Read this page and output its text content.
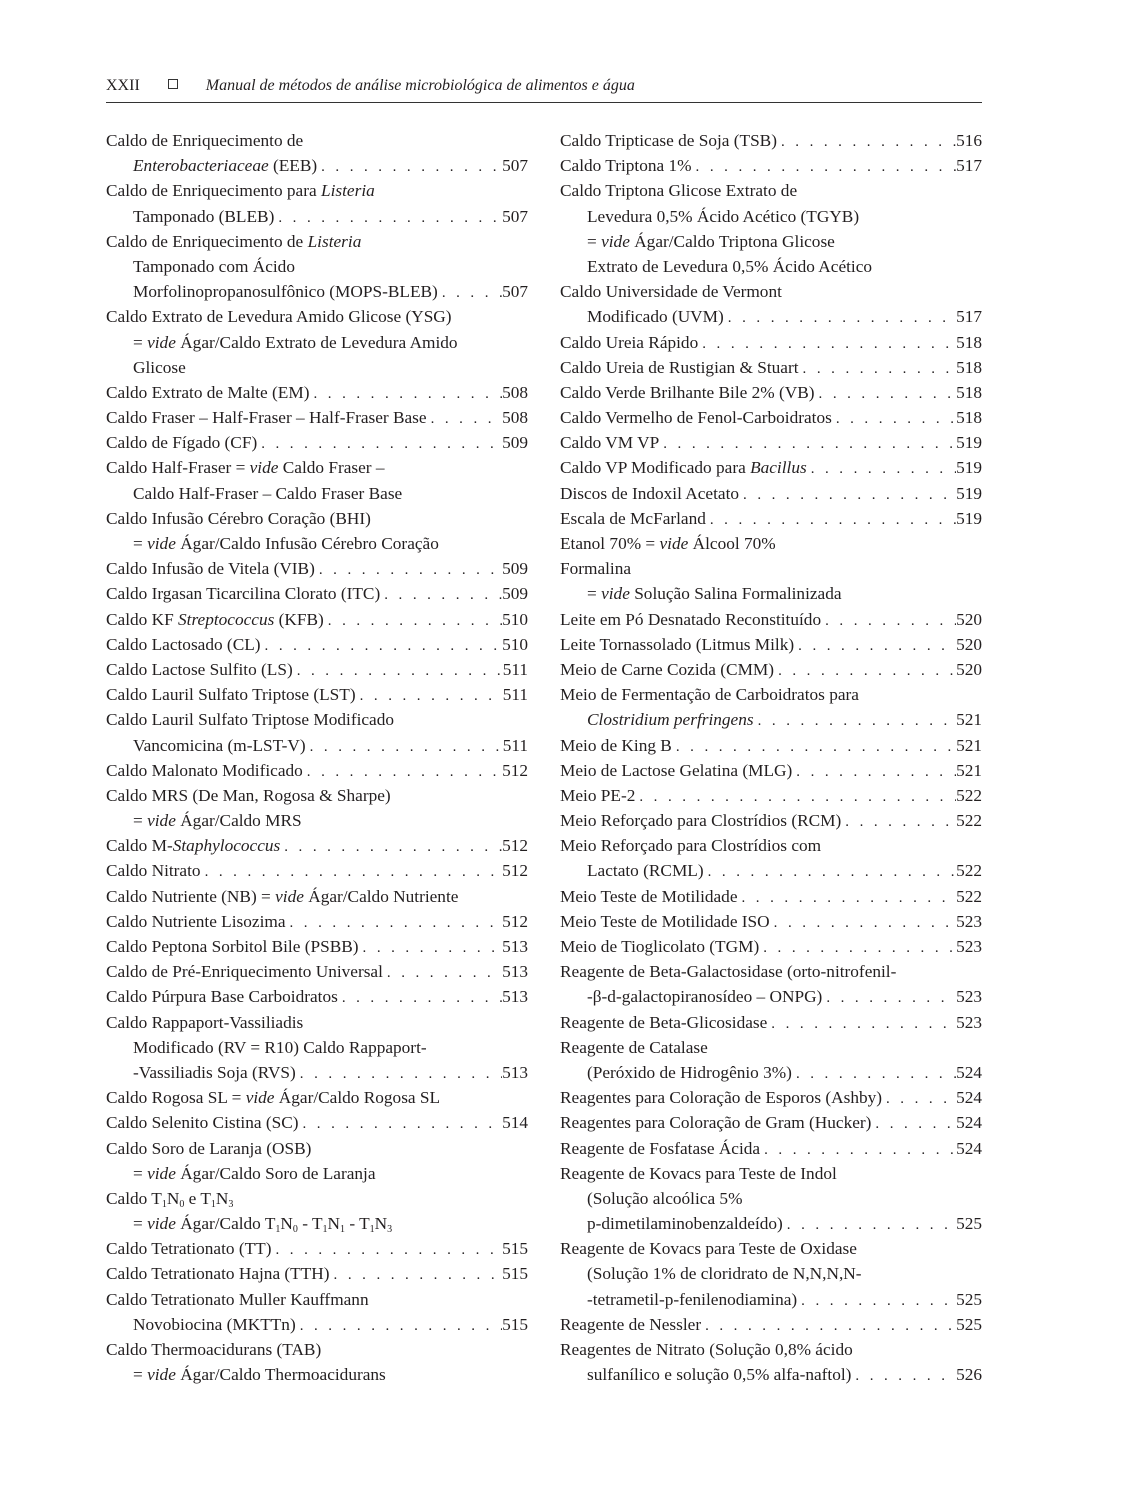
XXII	Manual de métodos de análise microbiológica de alimentos e água
Caldo de Enriquecimento de
Enterobacteriaceae (EEB) . . .	507
Caldo de Enriquecimento para Listeria
Tamponado (BLEB) . . .	507
Caldo de Enriquecimento de Listeria
Tamponado com Ácido
Morfolinopropanosulfônico (MOPS-BLEB) . . .	507
Caldo Extrato de Levedura Amido Glicose (YSG)
= vide Ágar/Caldo Extrato de Levedura Amido
Glicose
Caldo Extrato de Malte (EM) . . .	508
Caldo Fraser – Half-Fraser – Half-Fraser Base . . .	508
Caldo de Fígado (CF) . . .	509
Caldo Half-Fraser = vide Caldo Fraser –
Caldo Half-Fraser – Caldo Fraser Base
Caldo Infusão Cérebro Coração (BHI)
= vide Ágar/Caldo Infusão Cérebro Coração
Caldo Infusão de Vitela (VIB) . . .	509
Caldo Irgasan Ticarcilina Clorato (ITC) . . .	509
Caldo KF Streptococcus (KFB) . . .	510
Caldo Lactosado (CL) . . .	510
Caldo Lactose Sulfito (LS) . . .	511
Caldo Lauril Sulfato Triptose (LST) . . .	511
Caldo Lauril Sulfato Triptose Modificado
Vancomicina (m-LST-V) . . .	511
Caldo Malonato Modificado . . .	512
Caldo MRS (De Man, Rogosa & Sharpe)
= vide Ágar/Caldo MRS
Caldo M-Staphylococcus . . .	512
Caldo Nitrato . . .	512
Caldo Nutriente (NB) = vide Ágar/Caldo Nutriente
Caldo Nutriente Lisozima . . .	512
Caldo Peptona Sorbitol Bile (PSBB) . . .	513
Caldo de Pré-Enriquecimento Universal . . .	513
Caldo Púrpura Base Carboidratos . . .	513
Caldo Rappaport-Vassiliadis
Modificado (RV = R10) Caldo Rappaport-
-Vassiliadis Soja (RVS) . . .	513
Caldo Rogosa SL = vide Ágar/Caldo Rogosa SL
Caldo Selenito Cistina (SC) . . .	514
Caldo Soro de Laranja (OSB)
= vide Ágar/Caldo Soro de Laranja
Caldo $T_1N_0$ e $T_1N_3$
= vide Ágar/Caldo $T_1N_0 - T_1N_1 - T_1N_3$
Caldo Tetrationato (TT) . . .	515
Caldo Tetrationato Hajna (TTH) . . .	515
Caldo Tetrationato Muller Kauffmann
Novobiocina (MKTTn) . . .	515
Caldo Thermoacidurans (TAB)
= vide Ágar/Caldo Thermoacidurans
Caldo Tripticase de Soja (TSB) . . .	516
Caldo Triptona 1% . . .	517
Caldo Triptona Glicose Extrato de
Levedura 0,5% Ácido Acético (TGYB)
= vide Ágar/Caldo Triptona Glicose
Extrato de Levedura 0,5% Ácido Acético
Caldo Universidade de Vermont
Modificado (UVM) . . .	517
Caldo Ureia Rápido . . .	518
Caldo Ureia de Rustigian & Stuart . . .	518
Caldo Verde Brilhante Bile 2% (VB) . . .	518
Caldo Vermelho de Fenol-Carboidratos . . .	518
Caldo VM VP . . .	519
Caldo VP Modificado para Bacillus . . .	519
Discos de Indoxil Acetato . . .	519
Escala de McFarland . . .	519
Etanol 70% = vide Álcool 70%
Formalina
= vide Solução Salina Formalinizada
Leite em Pó Desnatado Reconstituído . . .	520
Leite Tornassolado (Litmus Milk) . . .	520
Meio de Carne Cozida (CMM) . . .	520
Meio de Fermentação de Carboidratos para
Clostridium perfringens . . .	521
Meio de King B . . .	521
Meio de Lactose Gelatina (MLG) . . .	521
Meio PE-2 . . .	522
Meio Reforçado para Clostrídios (RCM) . . .	522
Meio Reforçado para Clostrídios com
Lactato (RCML) . . .	522
Meio Teste de Motilidade . . .	522
Meio Teste de Motilidade ISO . . .	523
Meio de Tioglicolato (TGM) . . .	523
Reagente de Beta-Galactosidase (orto-nitrofenil-
-β-d-galactopiranosídeo – ONPG) . . .	523
Reagente de Beta-Glicosidase . . .	523
Reagente de Catalase
(Peróxido de Hidrogênio 3%) . . .	524
Reagentes para Coloração de Esporos (Ashby) . . .	524
Reagentes para Coloração de Gram (Hucker) . . .	524
Reagente de Fosfatase Ácida . . .	524
Reagente de Kovacs para Teste de Indol
(Solução alcoólica 5%
p-dimetilaminobenzaldeído) . . .	525
Reagente de Kovacs para Teste de Oxidase
(Solução 1% de cloridrato de N,N,N,N-
-tetrametil-p-fenilenodiamina) . . .	525
Reagente de Nessler . . .	525
Reagentes de Nitrato (Solução 0,8% ácido
sulfanílico e solução 0,5% alfa-naftol) . . .	526
